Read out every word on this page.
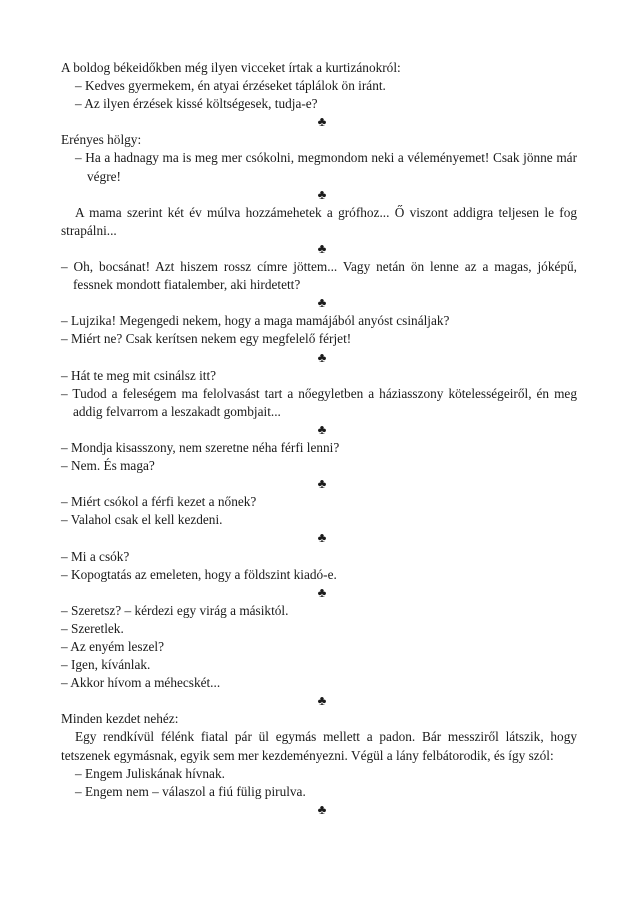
A boldog békeidőkben még ilyen vicceket írtak a kurtizánokról:
– Kedves gyermekem, én atyai érzéseket táplálok ön iránt.
– Az ilyen érzések kissé költségesek, tudja-e?
♣
Erényes hölgy:
– Ha a hadnagy ma is meg mer csókolni, megmondom neki a véleményemet! Csak jönne már végre!
♣
A mama szerint két év múlva hozzámehetek a grófhoz... Ő viszont addigra teljesen le fog strapálni...
♣
– Oh, bocsánat! Azt hiszem rossz címre jöttem... Vagy netán ön lenne az a magas, jóképű, fessnek mondott fiatalember, aki hirdetett?
♣
– Lujzika! Megengedi nekem, hogy a maga mamájából anyóst csináljak?
– Miért ne? Csak kerítsen nekem egy megfelelő férjet!
♣
– Hát te meg mit csinálsz itt?
– Tudod a feleségem ma felolvasást tart a nőegyletben a háziasszony kötelességeiről, én meg addig felvarrom a leszakadt gombjait...
♣
– Mondja kisasszony, nem szeretne néha férfi lenni?
– Nem. És maga?
♣
– Miért csókol a férfi kezet a nőnek?
– Valahol csak el kell kezdeni.
♣
– Mi a csók?
– Kopogtatás az emeleten, hogy a földszint kiadó-e.
♣
– Szeretsz? – kérdezi egy virág a másiktól.
– Szeretlek.
– Az enyém leszel?
– Igen, kívánlak.
– Akkor hívom a méhecskét...
♣
Minden kezdet nehéz:
Egy rendkívül félénk fiatal pár ül egymás mellett a padon. Bár messziről látszik, hogy tetszenek egymásnak, egyik sem mer kezdeményezni. Végül a lány felbátorodik, és így szól:
– Engem Juliskának hívnak.
– Engem nem – válaszol a fiú fülig pirulva.
♣
